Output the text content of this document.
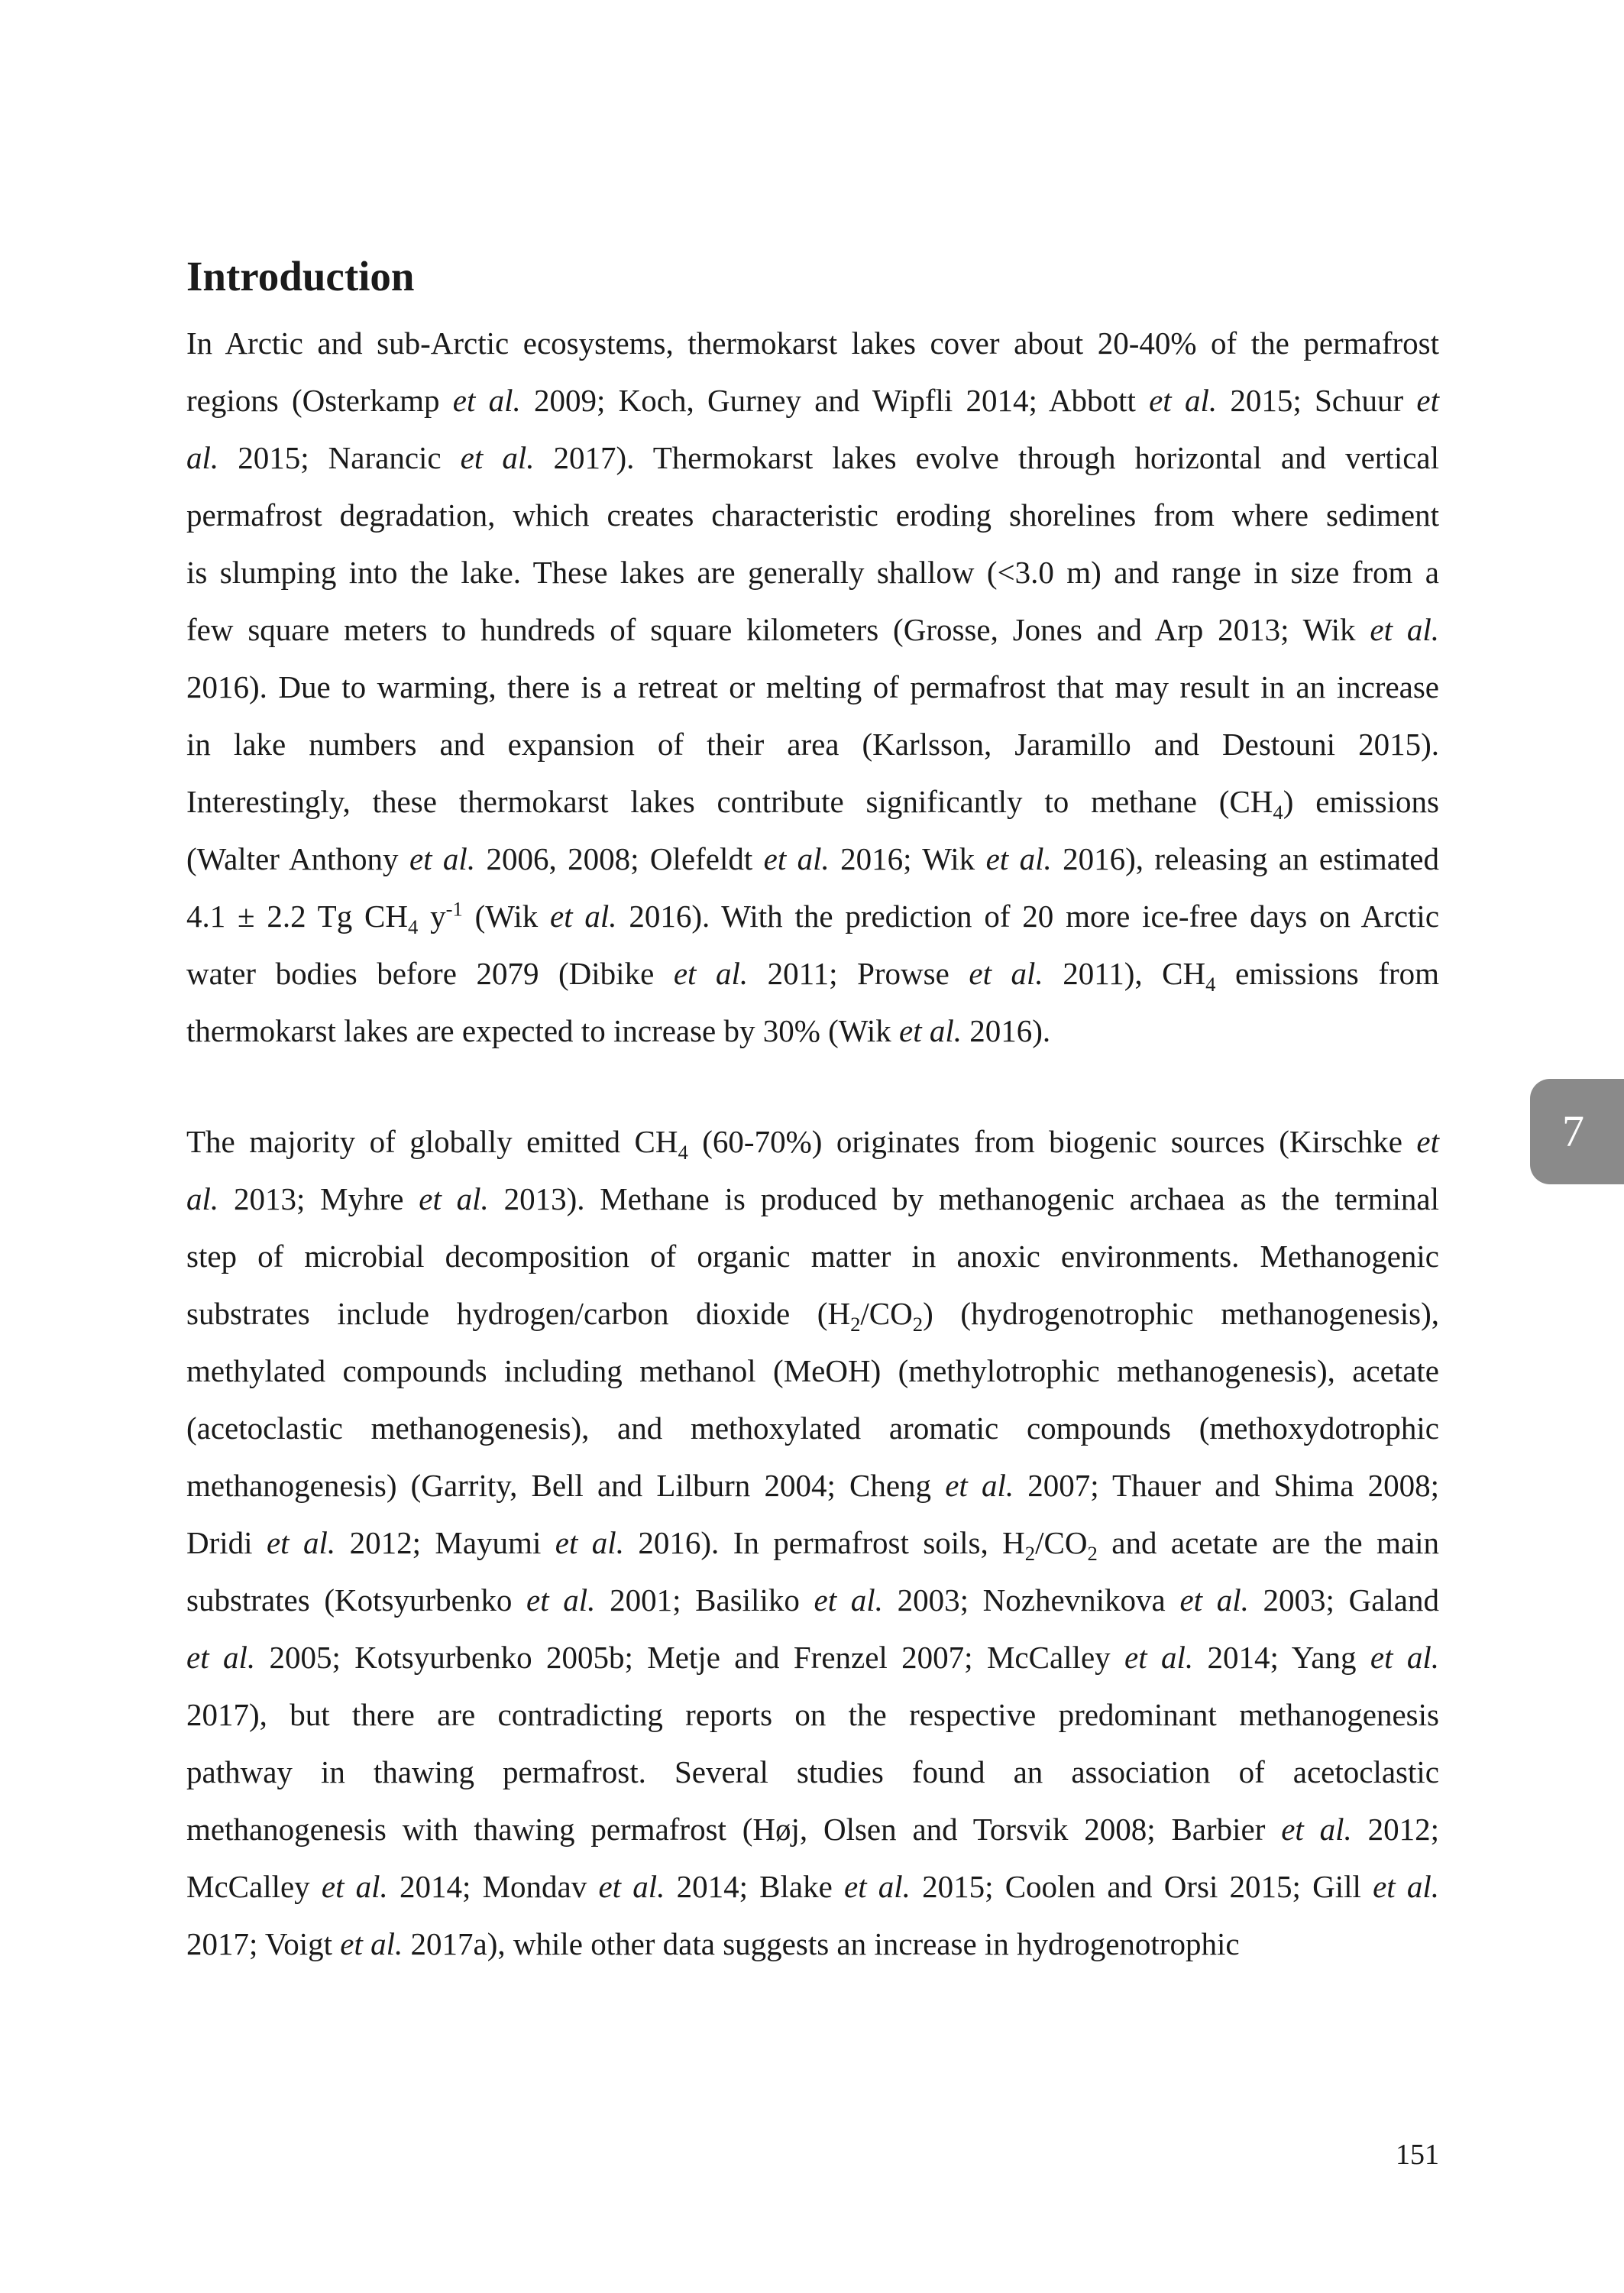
Introduction
In Arctic and sub-Arctic ecosystems, thermokarst lakes cover about 20-40% of the permafrost
regions (Osterkamp et al. 2009; Koch, Gurney and Wipfli 2014; Abbott et al. 2015; Schuur et
al. 2015; Narancic et al. 2017). Thermokarst lakes evolve through horizontal and vertical
permafrost degradation, which creates characteristic eroding shorelines from where sediment
is slumping into the lake. These lakes are generally shallow (<3.0 m) and range in size from a
few square meters to hundreds of square kilometers (Grosse, Jones and Arp 2013; Wik et al.
2016). Due to warming, there is a retreat or melting of permafrost that may result in an increase
in lake numbers and expansion of their area (Karlsson, Jaramillo and Destouni 2015).
Interestingly, these thermokarst lakes contribute significantly to methane $(CH_4)$ emissions
(Walter Anthony et al. 2006, 2008; Olefeldt et al. 2016; Wik et al. 2016), releasing an estimated
4.1 ± 2.2 Tg $CH_4$ $y^{-1}$ (Wik et al. 2016). With the prediction of 20 more ice-free days on Arctic
water bodies before 2079 (Dibike et al. 2011; Prowse et al. 2011), $CH_4$ emissions from
thermokarst lakes are expected to increase by 30% (Wik et al. 2016).
The majority of globally emitted $CH_4$ (60-70%) originates from biogenic sources (Kirschke et
al. 2013; Myhre et al. 2013). Methane is produced by methanogenic archaea as the terminal
step of microbial decomposition of organic matter in anoxic environments. Methanogenic
substrates include hydrogen/carbon dioxide $(H_2/CO_2)$ (hydrogenotrophic methanogenesis),
methylated compounds including methanol (MeOH) (methylotrophic methanogenesis), acetate
(acetoclastic methanogenesis), and methoxylated aromatic compounds (methoxydotrophic
methanogenesis) (Garrity, Bell and Lilburn 2004; Cheng et al. 2007; Thauer and Shima 2008;
Dridi et al. 2012; Mayumi et al. 2016). In permafrost soils, $H_2/CO_2$ and acetate are the main
substrates (Kotsyurbenko et al. 2001; Basiliko et al. 2003; Nozhevnikova et al. 2003; Galand
et al. 2005; Kotsyurbenko 2005b; Metje and Frenzel 2007; McCalley et al. 2014; Yang et al.
2017), but there are contradicting reports on the respective predominant methanogenesis
pathway in thawing permafrost. Several studies found an association of acetoclastic
methanogenesis with thawing permafrost (Høj, Olsen and Torsvik 2008; Barbier et al. 2012;
McCalley et al. 2014; Mondav et al. 2014; Blake et al. 2015; Coolen and Orsi 2015; Gill et al.
2017; Voigt et al. 2017a), while other data suggests an increase in hydrogenotrophic
7
151
